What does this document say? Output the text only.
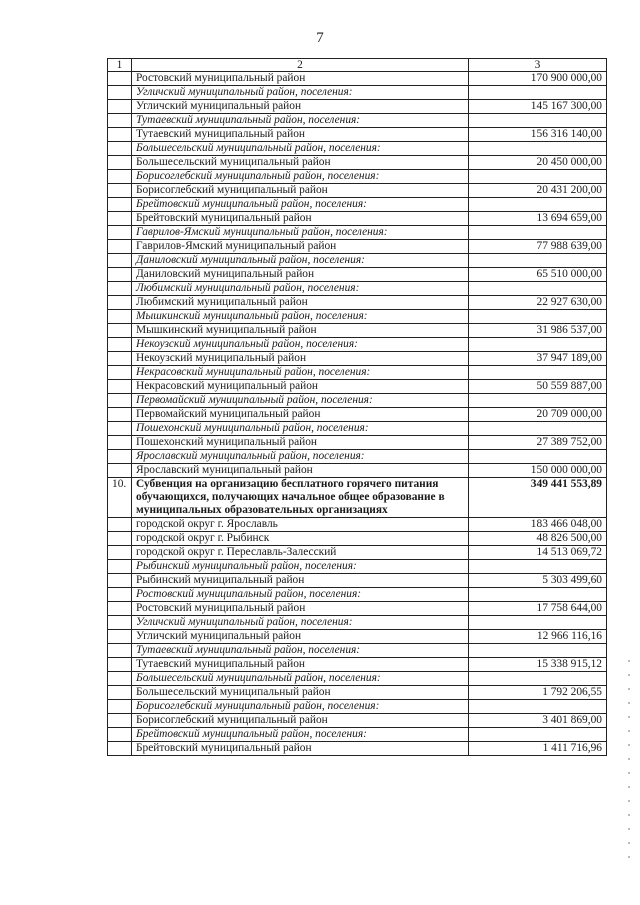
7
1	2	3
	Ростовский муниципальный район	170 900 000,00
	Угличский муниципальный район, поселения:	
	Угличский муниципальный район	145 167 300,00
	Тутаевский муниципальный район, поселения:	
	Тутаевский муниципальный район	156 316 140,00
	Большесельский муниципальный район, поселения:	
	Большесельский муниципальный район	20 450 000,00
	Борисоглебский муниципальный район, поселения:	
	Борисоглебский муниципальный район	20 431 200,00
	Брейтовский муниципальный район, поселения:	
	Брейтовский муниципальный район	13 694 659,00
	Гаврилов-Ямский муниципальный район, поселения:	
	Гаврилов-Ямский муниципальный район	77 988 639,00
	Даниловский муниципальный район, поселения:	
	Даниловский муниципальный район	65 510 000,00
	Любимский муниципальный район, поселения:	
	Любимский муниципальный район	22 927 630,00
	Мышкинский муниципальный район, поселения:	
	Мышкинский муниципальный район	31 986 537,00
	Некоузский муниципальный район, поселения:	
	Некоузский муниципальный район	37 947 189,00
	Некрасовский муниципальный район, поселения:	
	Некрасовский муниципальный район	50 559 887,00
	Первомайский муниципальный район, поселения:	
	Первомайский муниципальный район	20 709 000,00
	Пошехонский муниципальный район, поселения:	
	Пошехонский муниципальный район	27 389 752,00
	Ярославский муниципальный район, поселения:	
	Ярославский муниципальный район	150 000 000,00
10.	Субвенция на организацию бесплатного горячего питания обучающихся, получающих начальное общее образование в муниципальных образовательных организациях	349 441 553,89
	городской округ г. Ярославль	183 466 048,00
	городской округ г. Рыбинск	48 826 500,00
	городской округ г. Переславль-Залесский	14 513 069,72
	Рыбинский муниципальный район, поселения:	
	Рыбинский муниципальный район	5 303 499,60
	Ростовский муниципальный район, поселения:	
	Ростовский муниципальный район	17 758 644,00
	Угличский муниципальный район, поселения:	
	Угличский муниципальный район	12 966 116,16
	Тутаевский муниципальный район, поселения:	
	Тутаевский муниципальный район	15 338 915,12
	Большесельский муниципальный район, поселения:	
	Большесельский муниципальный район	1 792 206,55
	Борисоглебский муниципальный район, поселения:	
	Борисоглебский муниципальный район	3 401 869,00
	Брейтовский муниципальный район, поселения:	
	Брейтовский муниципальный район	1 411 716,96
